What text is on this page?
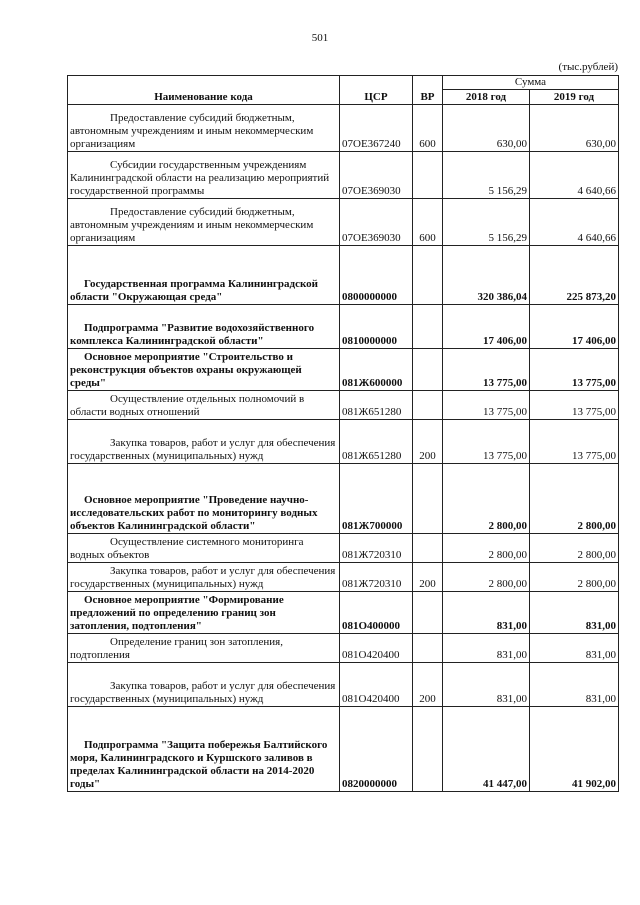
501
(тыс.рублей)
Наименование кода	ЦСР	ВР	Сумма	
			2018 год	2019 год
Предоставление субсидий бюджетным, автономным учреждениям и иным некоммерческим организациям	07ОЕ367240	600	630,00	630,00
Субсидии государственным учреждениям Калининградской области на реализацию мероприятий государственной программы	07ОЕ369030		5 156,29	4 640,66
Предоставление субсидий бюджетным, автономным учреждениям и иным некоммерческим организациям	07ОЕ369030	600	5 156,29	4 640,66
Государственная программа Калининградской области "Окружающая среда"	0800000000		320 386,04	225 873,20
Подпрограмма "Развитие водохозяйственного комплекса Калининградской области"	0810000000		17 406,00	17 406,00
Основное мероприятие "Строительство и реконструкция объектов охраны окружающей среды"	081Ж600000		13 775,00	13 775,00
Осуществление отдельных полномочий в области водных отношений	081Ж651280		13 775,00	13 775,00
Закупка товаров, работ и услуг для обеспечения государственных (муниципальных) нужд	081Ж651280	200	13 775,00	13 775,00
Основное мероприятие "Проведение научно-исследовательских работ по мониторингу водных объектов Калининградской области"	081Ж700000		2 800,00	2 800,00
Осуществление системного мониторинга водных объектов	081Ж720310		2 800,00	2 800,00
Закупка товаров, работ и услуг для обеспечения государственных (муниципальных) нужд	081Ж720310	200	2 800,00	2 800,00
Основное мероприятие "Формирование предложений по определению границ зон затопления, подтопления"	081О400000		831,00	831,00
Определение границ зон затопления, подтопления	081О420400		831,00	831,00
Закупка товаров, работ и услуг для обеспечения государственных (муниципальных) нужд	081О420400	200	831,00	831,00
Подпрограмма "Защита побережья Балтийского моря, Калининградского и Куршского заливов в пределах Калининградской области на 2014-2020 годы"	0820000000		41 447,00	41 902,00
